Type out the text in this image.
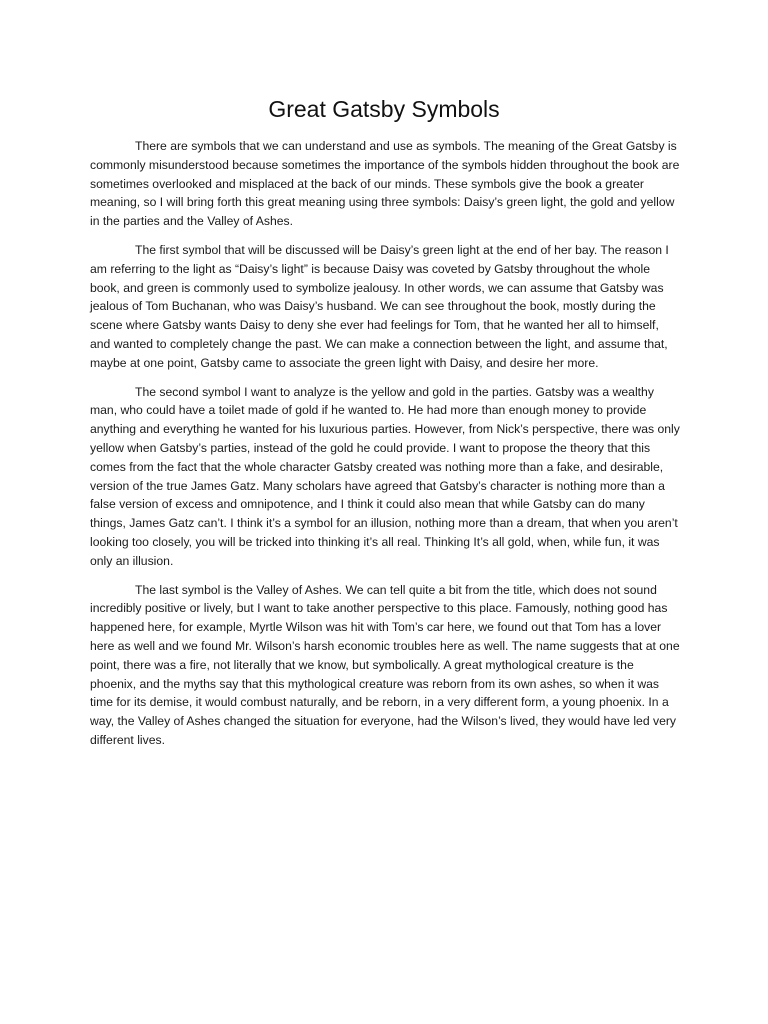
Great Gatsby Symbols

There are symbols that we can understand and use as symbols. The meaning of the Great Gatsby is commonly misunderstood because sometimes the importance of the symbols hidden throughout the book are sometimes overlooked and misplaced at the back of our minds. These symbols give the book a greater meaning, so I will bring forth this great meaning using three symbols: Daisy’s green light, the gold and yellow in the parties and the Valley of Ashes.

The first symbol that will be discussed will be Daisy’s green light at the end of her bay. The reason I am referring to the light as “Daisy’s light” is because Daisy was coveted by Gatsby throughout the whole book, and green is commonly used to symbolize jealousy. In other words, we can assume that Gatsby was jealous of Tom Buchanan, who was Daisy’s husband. We can see throughout the book, mostly during the scene where Gatsby wants Daisy to deny she ever had feelings for Tom, that he wanted her all to himself, and wanted to completely change the past. We can make a connection between the light, and assume that, maybe at one point, Gatsby came to associate the green light with Daisy, and desire her more.

The second symbol I want to analyze is the yellow and gold in the parties. Gatsby was a wealthy man, who could have a toilet made of gold if he wanted to. He had more than enough money to provide anything and everything he wanted for his luxurious parties. However, from Nick’s perspective, there was only yellow when Gatsby’s parties, instead of the gold he could provide. I want to propose the theory that this comes from the fact that the whole character Gatsby created was nothing more than a fake, and desirable, version of the true James Gatz. Many scholars have agreed that Gatsby’s character is nothing more than a false version of excess and omnipotence, and I think it could also mean that while Gatsby can do many things, James Gatz can’t. I think it’s a symbol for an illusion, nothing more than a dream, that when you aren’t looking too closely, you will be tricked into thinking it’s all real. Thinking It’s all gold, when, while fun, it was only an illusion.

The last symbol is the Valley of Ashes. We can tell quite a bit from the title, which does not sound incredibly positive or lively, but I want to take another perspective to this place. Famously, nothing good has happened here, for example, Myrtle Wilson was hit with Tom’s car here, we found out that Tom has a lover here as well and we found Mr. Wilson’s harsh economic troubles here as well. The name suggests that at one point, there was a fire, not literally that we know, but symbolically. A great mythological creature is the phoenix, and the myths say that this mythological creature was reborn from its own ashes, so when it was time for its demise, it would combust naturally, and be reborn, in a very different form, a young phoenix. In a way, the Valley of Ashes changed the situation for everyone, had the Wilson’s lived, they would have led very different lives.
